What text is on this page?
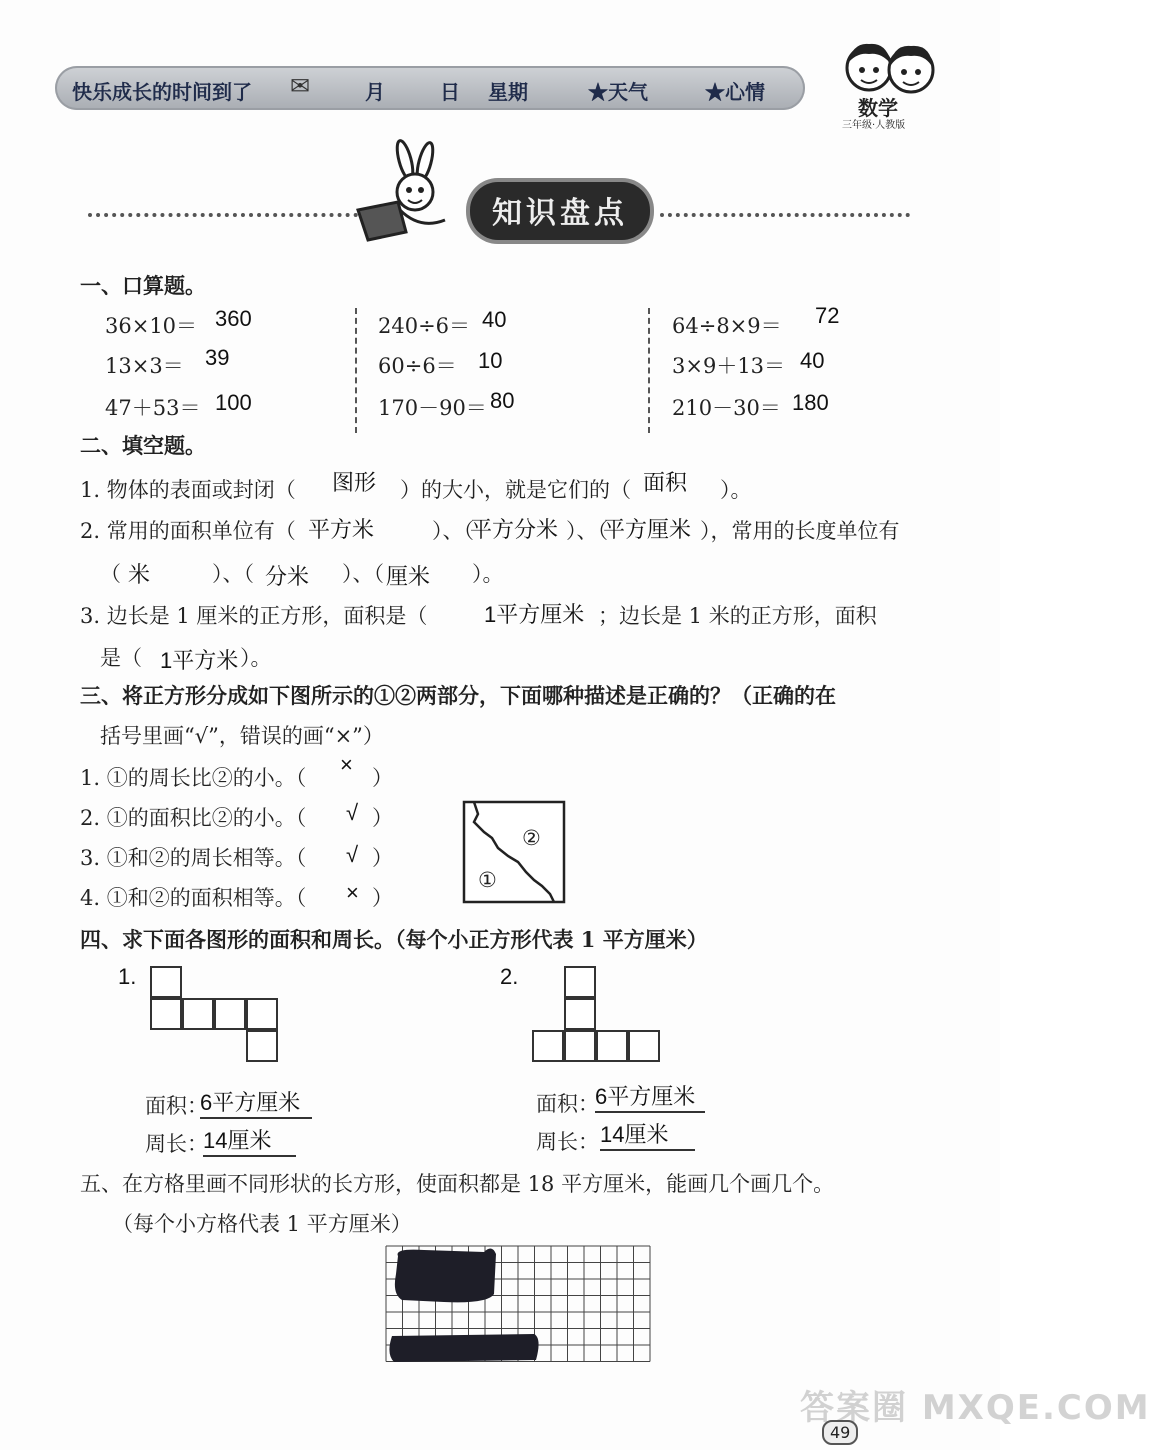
快乐成长的时间到了 ✉	月	日 星期	★天气	★心情
数学
三年级·人教版
知识盘点
一、口算题。
36×10＝ 360
13×3＝ 39
47＋53＝ 100
240÷6＝ 40
60÷6＝ 10
170－90＝ 80
64÷8×9＝ 72
3×9＋13＝ 40
210－30＝ 180
二、填空题。
1. 物体的表面或封闭（ 图形 ）的大小，就是它们的（ 面积 ）。
2. 常用的面积单位有（ 平方米	）、（
平方分米 ）、（
平方厘米 ），常用的长度单位有
（ 米	）、（ 分米 ）、（ 厘米 ）。
3. 边长是 1 厘米的正方形，面积是（	1平方厘米 ；边长是 1 米的正方形，面积
是（ 1平方米 ）。
三、将正方形分成如下图所示的①②两部分，下面哪种描述是正确的？（正确的在
括号里画“√”，错误的画“×”）
1. ①的周长比②的小。（
×
）
2. ①的面积比②的小。（ √ ）
3. ①和②的周长相等。（ √ ）
4. ①和②的面积相等。（ × ）
②
①
四、求下面各图形的面积和周长。（每个小正方形代表 1 平方厘米）
1.	2.
面积：
6平方厘米
周长：
14厘米
面积：
6平方厘米
周长： 14厘米
五、在方格里画不同形状的长方形，使面积都是 18 平方厘米，能画几个画几个。
（每个小方格代表 1 平方厘米）
49
答案圈 MXQE.COM
